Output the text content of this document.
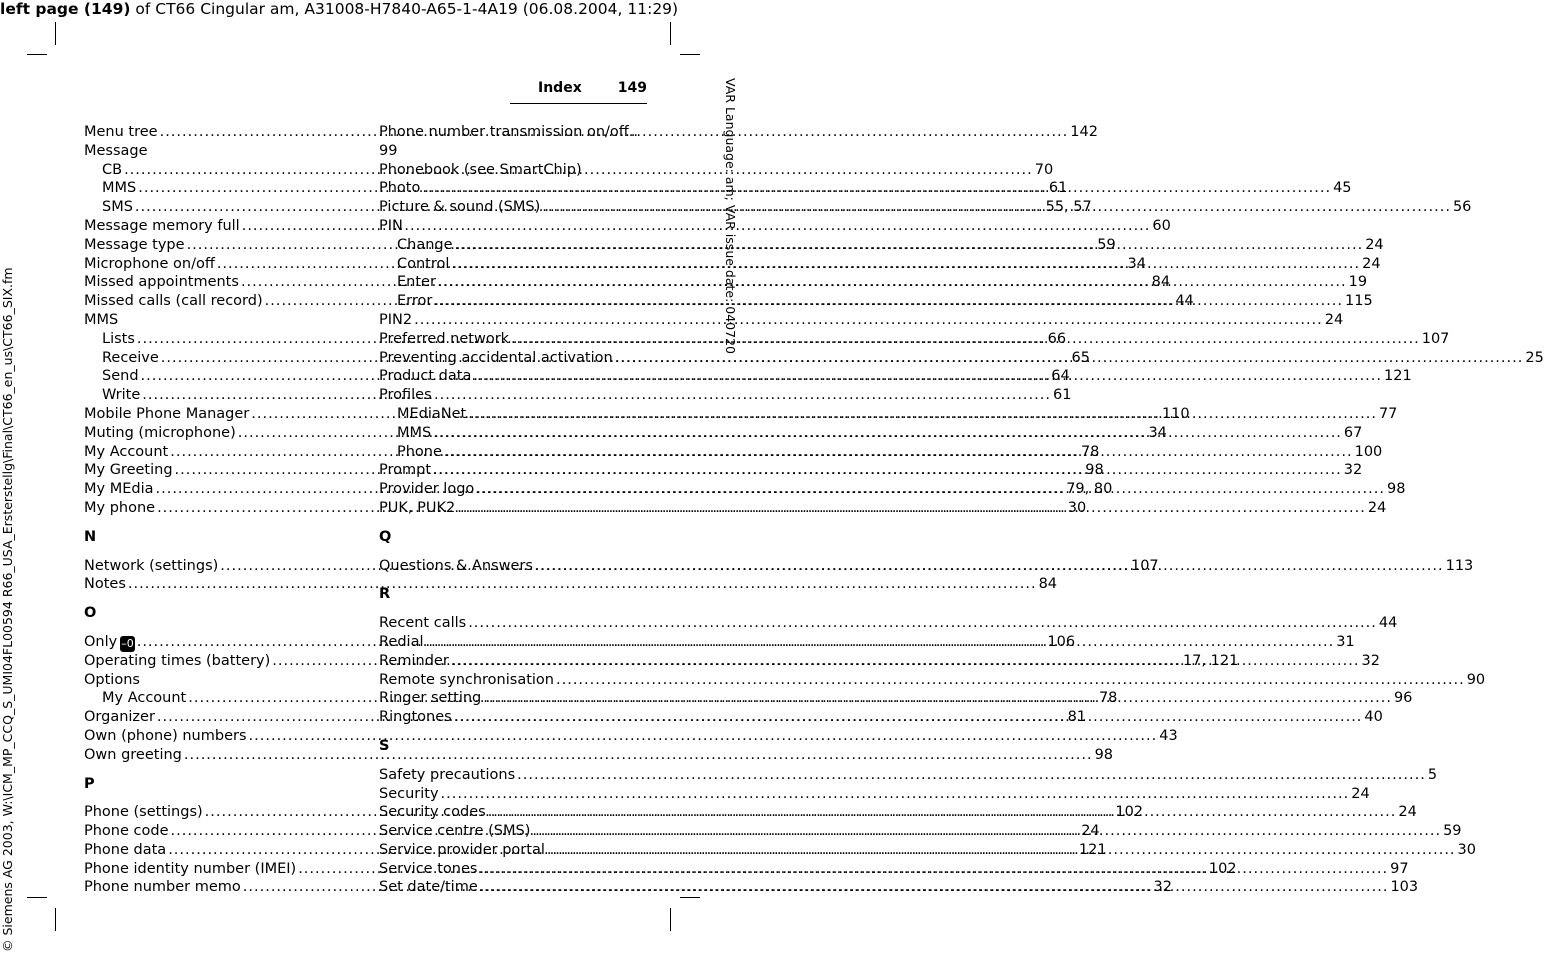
left page (149) of CT66 Cingular am, A31008-H7840-A65-1-4A19 (06.08.2004, 11:29)
© Siemens AG 2003, W:\ICM_MP_CCQ_S_UMI04FL00594 R66_USA_Ersterstellg\Final\CT66_en_us\CT66_SIX.fm
VAR Language: am; VAR issue date: 040720
Index	149
Menu tree .....	142
Message
CB .....	70
MMS .....	61
SMS .....	55, 57
Message memory full .....	60
Message type .....	59
Microphone on/off .....	34
Missed appointments .....	84
Missed calls (call record) .....	44
MMS
Lists .....	66
Receive .....	65
Send .....	64
Write .....	61
Mobile Phone Manager .....	110
Muting (microphone) .....	34
My Account .....	78
My Greeting .....	98
My MEdia .....	79, 80
My phone .....	30
N
Network (settings) .....	107
Notes .....	84
O
Only –0 .....	106
Operating times (battery) .....	17, 121
Options
My Account .....	78
Organizer .....	81
Own (phone) numbers .....	43
Own greeting .....	98
P
Phone (settings) .....	102
Phone code .....	24
Phone data .....	121
Phone identity number (IMEI) .....	102
Phone number memo .....	32
Phone number transmission on/off.. 99
Phonebook (see SmartChip)
Photo .....	45
Picture & sound (SMS) .....	56
PIN
Change .....	24
Control .....	24
Enter .....	19
Error .....	115
PIN2 .....	24
Preferred network .....	107
Preventing accidental activation .....	25
Product data .....	121
Profiles
MEdiaNet .....	77
MMS .....	67
Phone .....	100
Prompt .....	32
Provider logo .....	98
PUK, PUK2 .....	24
Q
Questions & Answers .....	113
R
Recent calls .....	44
Redial .....	31
Reminder .....	32
Remote synchronisation .....	90
Ringer setting .....	96
Ringtones .....	40
S
Safety precautions .....	5
Security .....	24
Security codes .....	24
Service centre (SMS) .....	59
Service provider portal .....	30
Service tones .....	97
Set date/time .....	103
